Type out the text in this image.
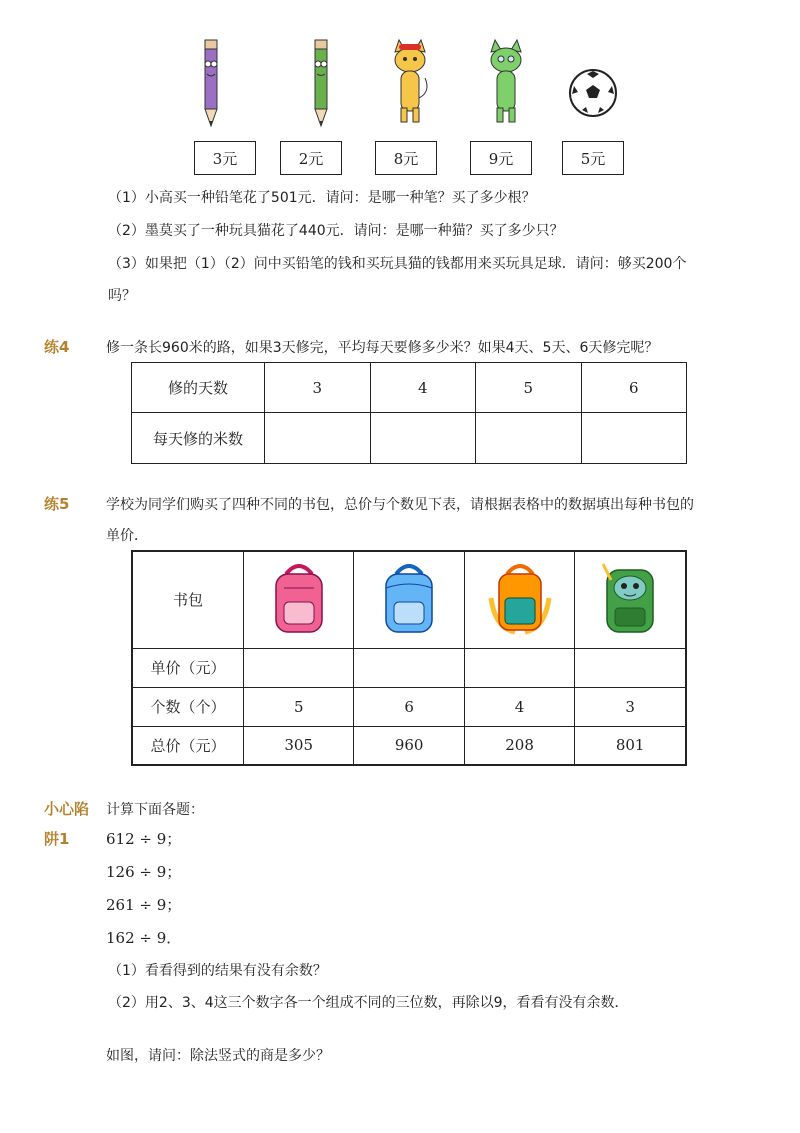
3元	2元	8元	9元	5元
（1）小高买一种铅笔花了501元．请问：是哪一种笔？买了多少根？
（2）墨莫买了一种玩具猫花了440元．请问：是哪一种猫？买了多少只？
（3）如果把（1）（2）问中买铅笔的钱和买玩具猫的钱都用来买玩具足球．请问：够买200个
吗？
练4	修一条长960米的路，如果3天修完，平均每天要修多少米？如果4天、5天、6天修完呢？
修的天数	3	4	5	6
每天修的米数				
练5	学校为同学们购买了四种不同的书包，总价与个数见下表，请根据表格中的数据填出每种书包的
单价．
书包				
单价（元）				
个数（个）	5	6	4	3
总价（元）	305	960	208	801
小心陷
阱1
计算下面各题：
612 ÷ 9；
126 ÷ 9；
261 ÷ 9；
162 ÷ 9．
（1）看看得到的结果有没有余数？
（2）用2、3、4这三个数字各一个组成不同的三位数，再除以9，看看有没有余数．
如图，请问：除法竖式的商是多少？
